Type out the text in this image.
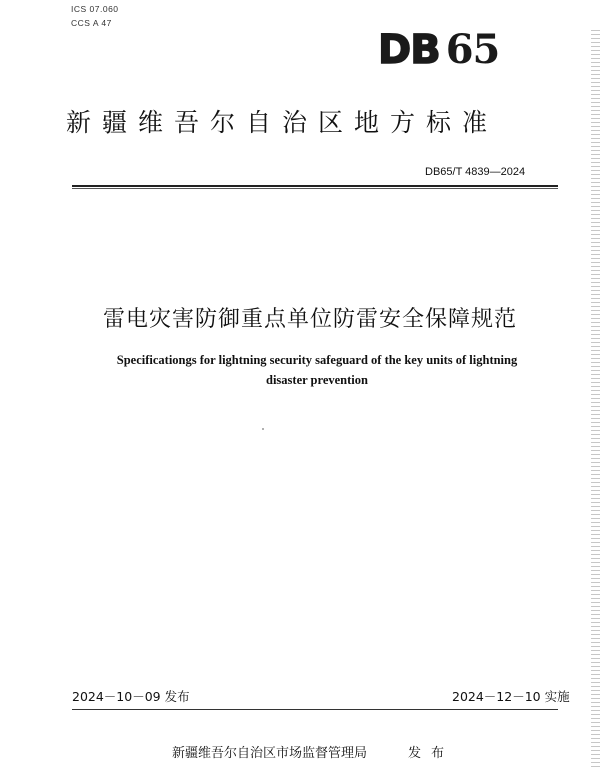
ICS 07.060
CCS A 47
DB 65
新疆维吾尔自治区地方标准
DB65/T 4839—2024
雷电灾害防御重点单位防雷安全保障规范
Specificationgs for lightning security safeguard of the key units of lightning
disaster prevention
2024－10－09 发布	2024－12－10 实施
新疆维吾尔自治区市场监督管理局	发布
